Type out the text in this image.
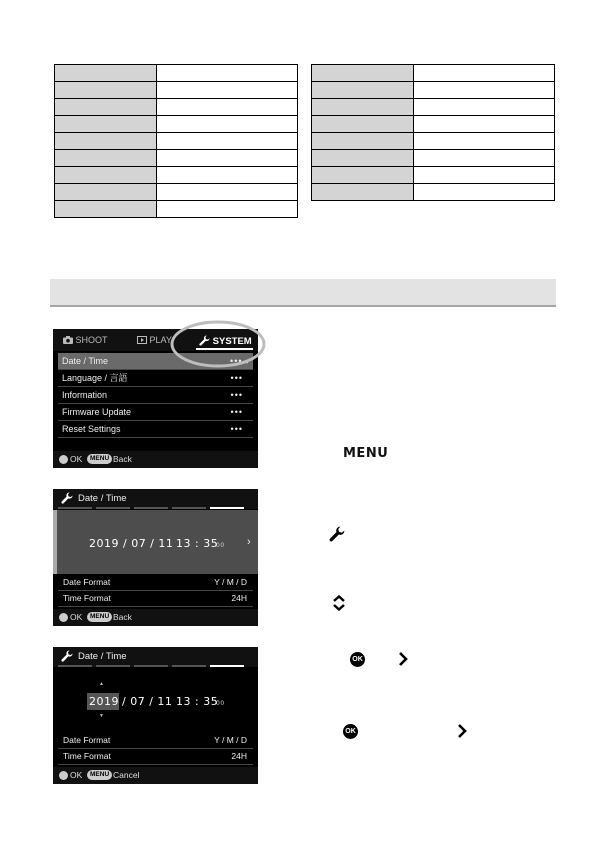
SHOOT	PLAY	SYSTEM
Date / Time	••• ›
Language / 言語	•••
Information	•••
Firmware Update	•••
Reset Settings	•••
OK	MENU Back
Date / Time
2019 / 07 / 11 13 : 35
00 ›
Date Format	Y / M / D
Time Format	24H
OK	MENU Back
Date / Time
▲
2019 / 07 / 11 13 : 35
00
▼
Date Format	Y / M / D
Time Format	24H
OK	MENU Cancel
MENU
OK
OK
